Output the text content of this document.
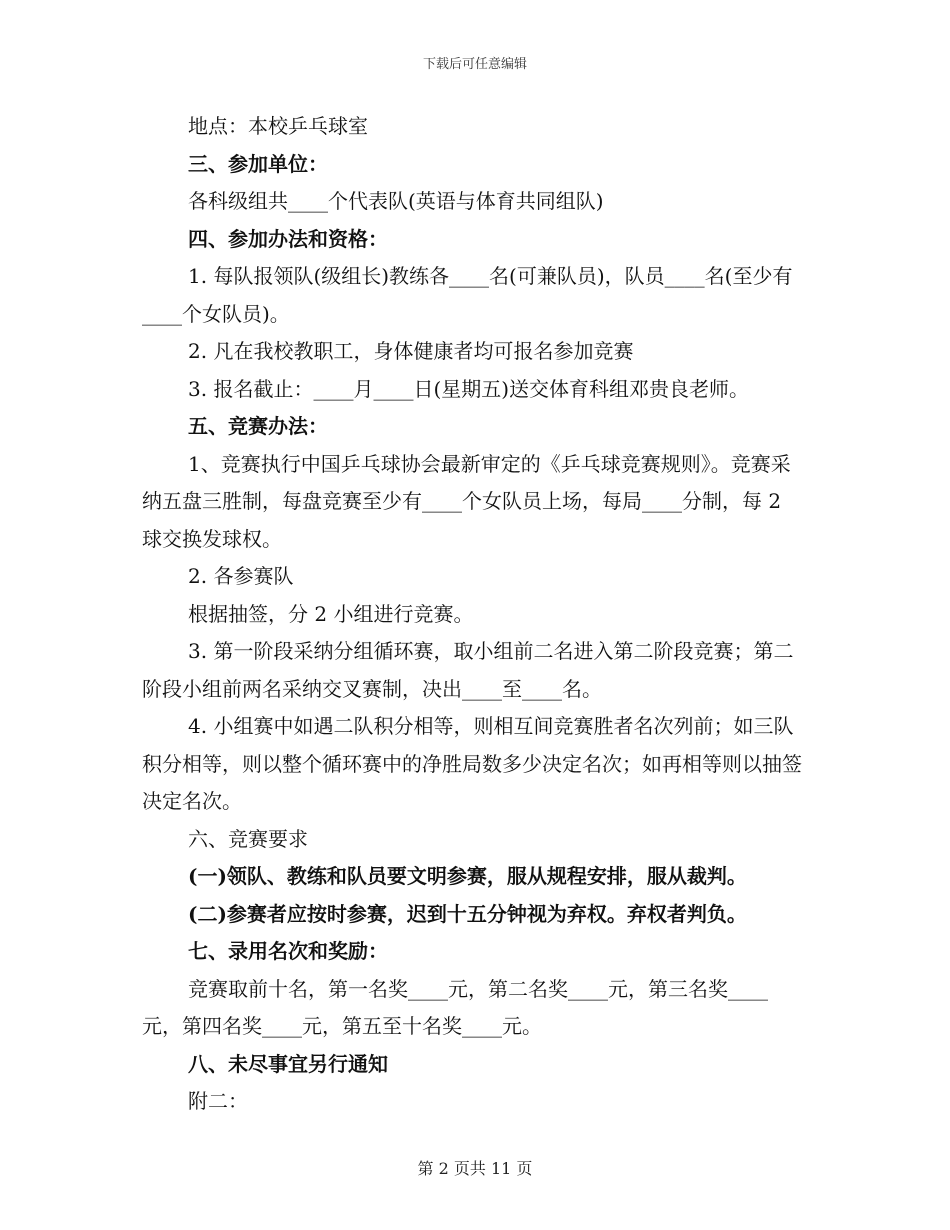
下载后可任意编辑

地点：本校乒乓球室

三、参加单位：

各科级组共____个代表队(英语与体育共同组队)

四、参加办法和资格：

1. 每队报领队(级组长)教练各____名(可兼队员)，队员____名(至少有____个女队员)。

2. 凡在我校教职工，身体健康者均可报名参加竞赛

3. 报名截止：____月____日(星期五)送交体育科组邓贵良老师。

五、竞赛办法：

1、竞赛执行中国乒乓球协会最新审定的《乒乓球竞赛规则》。竞赛采纳五盘三胜制，每盘竞赛至少有____个女队员上场，每局____分制，每 2 球交换发球权。

2. 各参赛队

根据抽签，分 2 小组进行竞赛。

3. 第一阶段采纳分组循环赛，取小组前二名进入第二阶段竞赛；第二阶段小组前两名采纳交叉赛制，决出____至____名。

4. 小组赛中如遇二队积分相等，则相互间竞赛胜者名次列前；如三队积分相等，则以整个循环赛中的净胜局数多少决定名次；如再相等则以抽签决定名次。

六、竞赛要求

(一)领队、教练和队员要文明参赛，服从规程安排，服从裁判。

(二)参赛者应按时参赛，迟到十五分钟视为弃权。弃权者判负。

七、录用名次和奖励：

竞赛取前十名，第一名奖____元，第二名奖____元，第三名奖____元，第四名奖____元，第五至十名奖____元。

八、未尽事宜另行通知

附二：

第 2 页共 11 页
